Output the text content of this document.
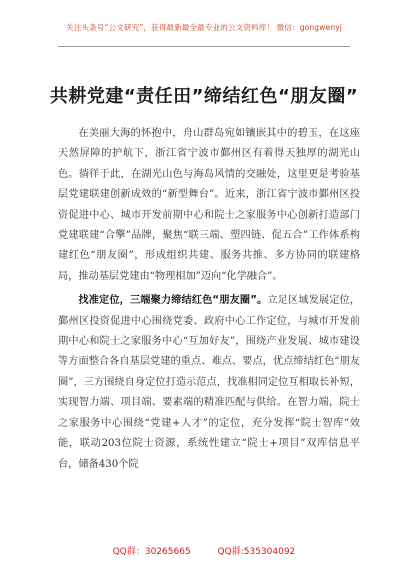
关注头条号“公文研究”，获得最新最全最专业的公文资料库！ 微信：gongwenyj
共耕党建“责任田”缔结红色“朋友圈”

在美丽大海的怀抱中，舟山群岛宛如镶嵌其中的碧玉，在这座天然屏障的护航下，浙江省宁波市鄞州区有着得天独厚的湖光山色。徜徉于此，在湖光山色与海岛风情的交融处，这里更是考验基层党建联建创新成效的“新型舞台”。近来，浙江省宁波市鄞州区投资促进中心、城市开发前期中心和院士之家服务中心创新打造部门党建联建“合擎”品牌，聚焦“联三端、塑四链、促五合”工作体系构建红色“朋友圈”，形成组织共建、服务共推、多方协同的联建格局，推动基层党建由“物理相加”迈向“化学融合”。

找准定位，三端聚力缔结红色“朋友圈”。立足区域发展定位，鄞州区投资促进中心围绕党委、政府中心工作定位，与城市开发前期中心和院士之家服务中心“互加好友”，围绕产业发展、城市建设等方面整合各自基层党建的重点、难点、要点，优点缔结红色“朋友圈”，三方围绕自身定位打造示范点，找准相同定位互相取长补短，实现智力端、项目端、要素端的精准匹配与供给。在智力端，院士之家服务中心围绕“党建+人才”的定位，充分发挥“院士智库”效能，联动203位院士资源，系统性建立“院士+项目”双库信息平台，储备430个院

QQ群：30265665	QQ群:535304092
